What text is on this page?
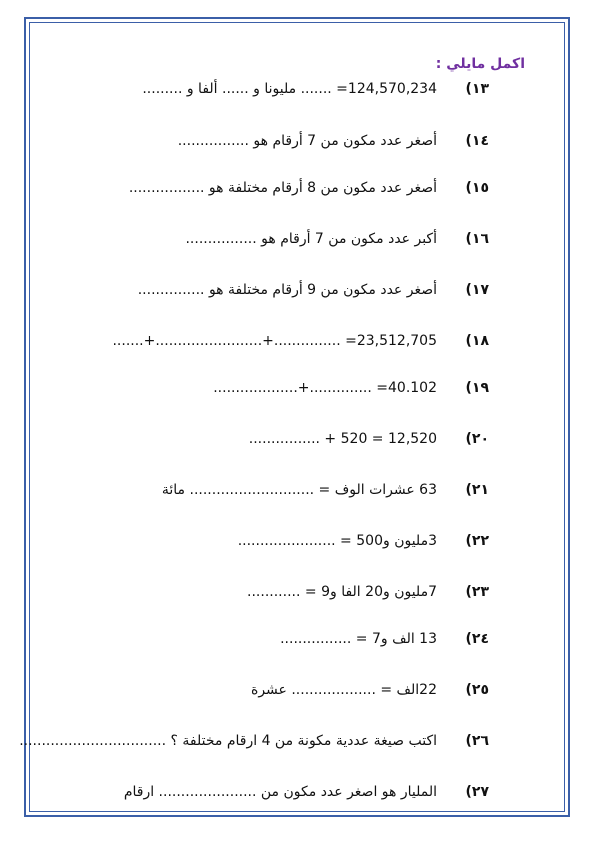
اكمل مايلي :
١٣)
124,570,234= ....... مليونا و ...... ألفا و .........
١٤)
أصغر عدد مكون من 7 أرقام هو ................
١٥)
أصغر عدد مكون من 8 أرقام مختلفة هو .................
١٦)
أكبر عدد مكون من 7 أرقام هو ................
١٧)
أصغر عدد مكون من 9 أرقام مختلفة هو ...............
١٨)
23,512,705= ...............+........................+.......
١٩)
40.102= ..............+...................
٢٠)
12,520 = 520 + ................
٢١)
63 عشرات الوف = ............................ مائة
٢٢)
3مليون و500 = ......................
٢٣)
7مليون و20 الفا و9 = ............
٢٤)
13 الف و7 = ................
٢٥)
22الف = ................... عشرة
٢٦)
اكتب صيغة عددية مكونة من 4 ارقام مختلفة ؟ .................................
٢٧)
المليار هو اصغر عدد مكون من ...................... ارقام
